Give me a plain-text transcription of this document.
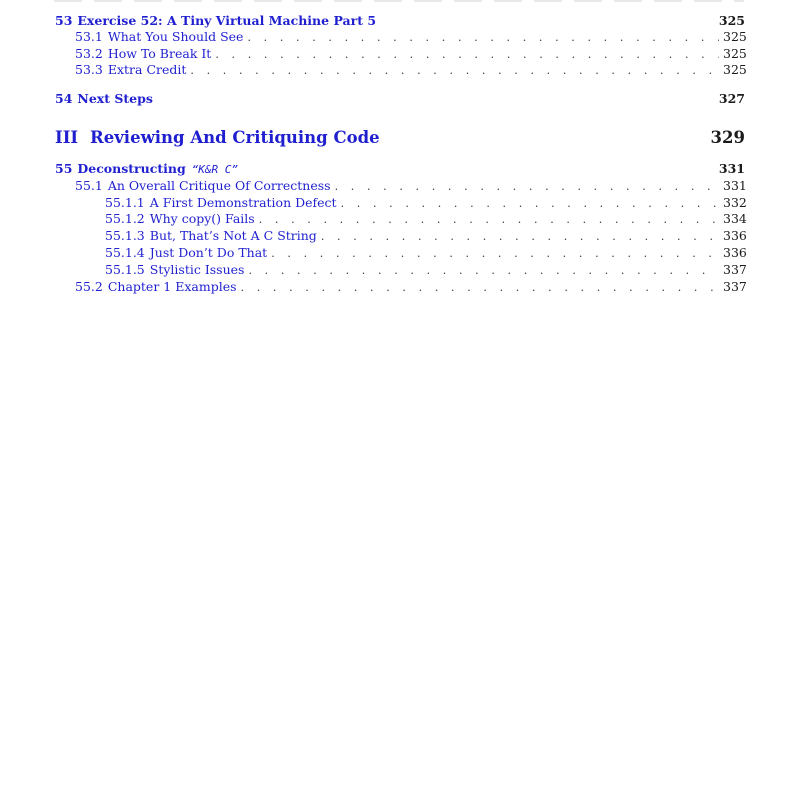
53 Exercise 52: A Tiny Virtual Machine Part 5	325
53.1 What You Should See . . .	325
53.2 How To Break It . . .	325
53.3 Extra Credit . . .	325
54 Next Steps	327
III Reviewing And Critiquing Code	329
55 Deconstructing “K&R C”	331
55.1 An Overall Critique Of Correctness . . .	331
55.1.1 A First Demonstration Defect . . .	332
55.1.2 Why copy() Fails . . .	334
55.1.3 But, That’s Not A C String . . .	336
55.1.4 Just Don’t Do That . . .	336
55.1.5 Stylistic Issues . . .	337
55.2 Chapter 1 Examples . . .	337
